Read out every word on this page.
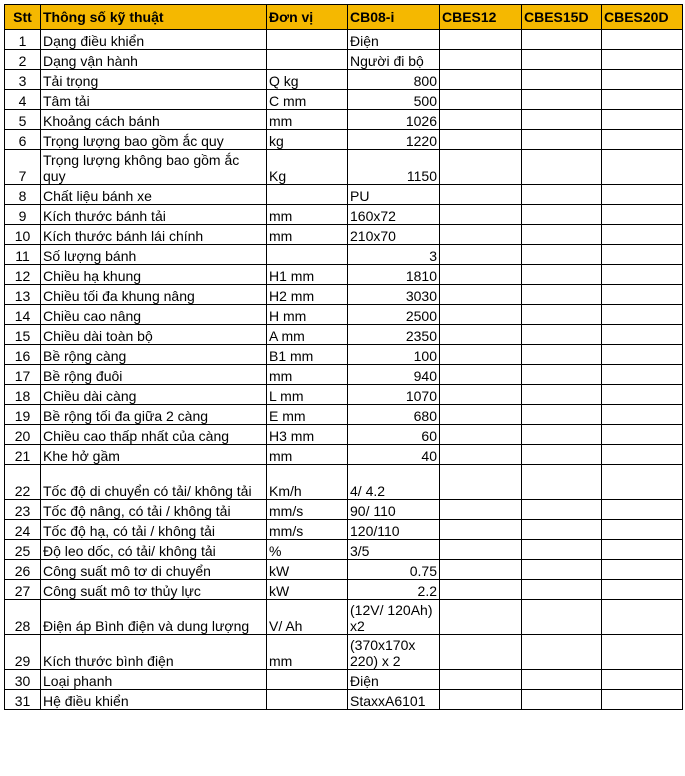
Stt	Thông số kỹ thuật	Đơn vị	CB08-i	CBES12	CBES15D	CBES20D
1	Dạng điều khiển		Điện			
2	Dạng vận hành		Người đi bộ			
3	Tải trọng	Q kg	800			
4	Tâm tải	C mm	500			
5	Khoảng cách bánh	mm	1026			
6	Trọng lượng bao gồm ắc quy	kg	1220			
7	Trọng lượng không bao gồm ắc quy	Kg	1150			
8	Chất liệu bánh xe		PU			
9	Kích thước bánh tải	mm	160x72			
10	Kích thước bánh lái chính	mm	210x70			
11	Số lượng bánh		3			
12	Chiều hạ khung	H1 mm	1810			
13	Chiều tối đa khung nâng	H2 mm	3030			
14	Chiều cao nâng	H mm	2500			
15	Chiều dài toàn bộ	A mm	2350			
16	Bề rộng càng	B1 mm	100			
17	Bề rộng đuôi	mm	940			
18	Chiều dài càng	L mm	1070			
19	Bề rộng tối đa giữa 2 càng	E mm	680			
20	Chiều cao thấp nhất của càng	H3 mm	60			
21	Khe hở gầm	mm	40			
22	Tốc độ di chuyển có tải/ không tải	Km/h	4/ 4.2			
23	Tốc độ nâng, có tải / không tải	mm/s	90/ 110			
24	Tốc độ hạ, có tải / không tải	mm/s	120/110			
25	Độ leo dốc, có tải/ không tải	%	3/5			
26	Công suất mô tơ di chuyển	kW	0.75			
27	Công suất mô tơ thủy lực	kW	2.2			
28	Điện áp Bình điện và dung lượng	V/ Ah	(12V/ 120Ah) x2			
29	Kích thước bình điện	mm	(370x170x 220) x 2			
30	Loại phanh		Điện			
31	Hệ điều khiển		StaxxA6101			
